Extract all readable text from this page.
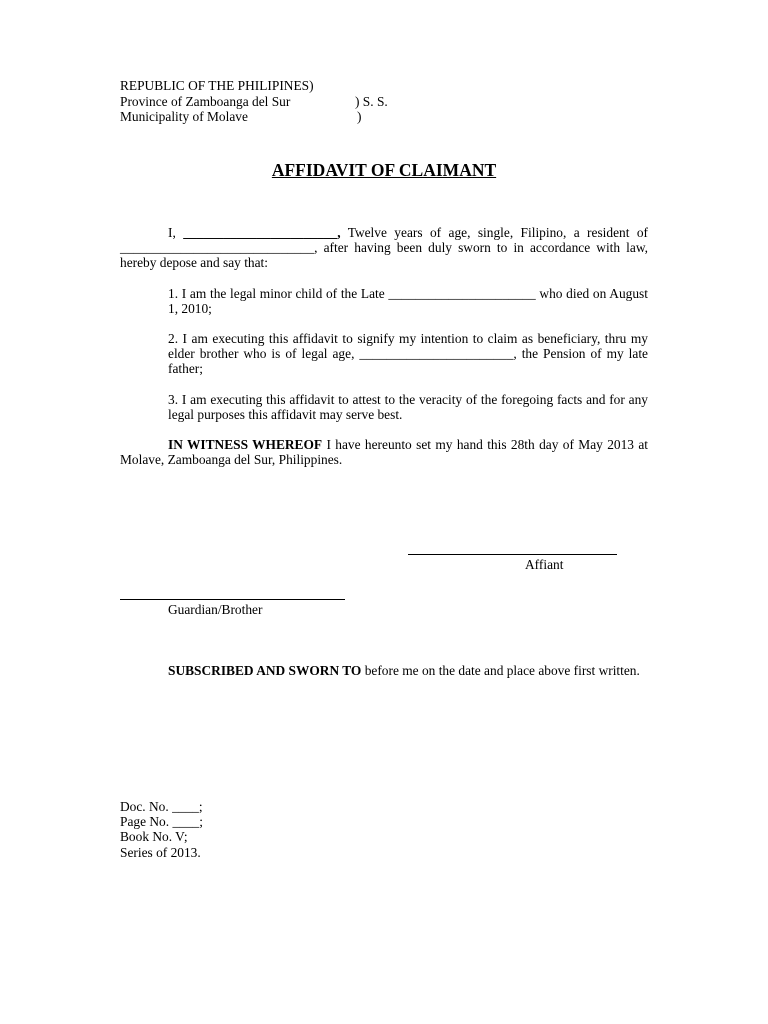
REPUBLIC OF THE PHILIPINES)
Province of Zamboanga del Sur	) S. S.
Municipality of Molave	)
AFFIDAVIT OF CLAIMANT
I, _______________________, Twelve years of age, single, Filipino, a resident of _____________________________, after having been duly sworn to in accordance with law, hereby depose and say that:
1. I am the legal minor child of the Late ______________________ who died on August 1, 2010;
2. I am executing this affidavit to signify my intention to claim as beneficiary, thru my elder brother who is of legal age, _______________________, the Pension of my late father;
3. I am executing this affidavit to attest to the veracity of the foregoing facts and for any legal purposes this affidavit may serve best.
IN WITNESS WHEREOF I have hereunto set my hand this 28th day of May 2013 at Molave, Zamboanga del Sur, Philippines.
Affiant
Guardian/Brother
SUBSCRIBED AND SWORN TO before me on the date and place above first written.
Doc. No. ____;
Page No. ____;
Book No. V;
Series of 2013.
